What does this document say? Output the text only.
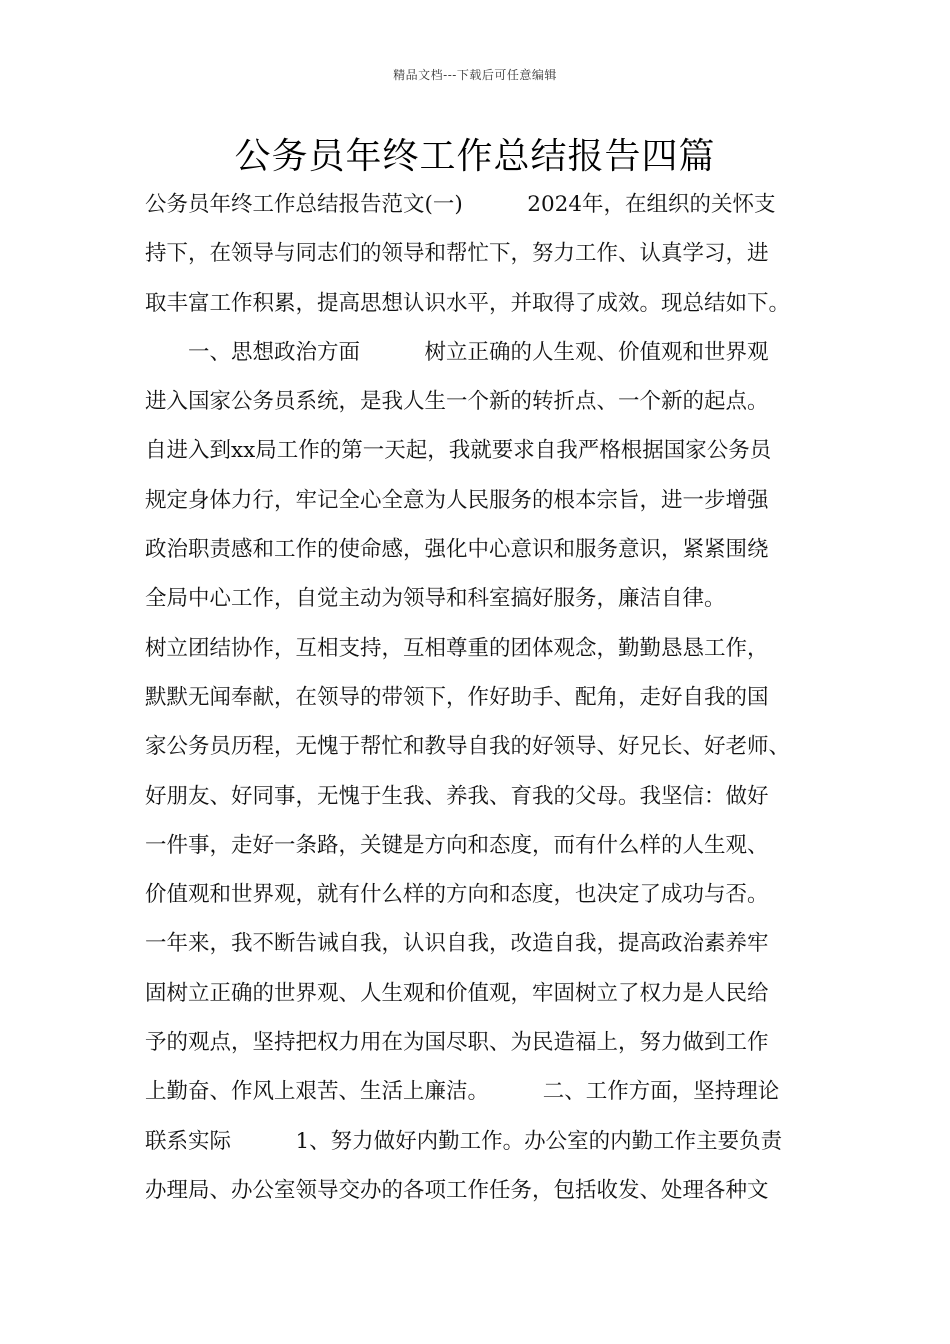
精品文档---下载后可任意编辑
公务员年终工作总结报告四篇
公务员年终工作总结报告范文(一)　　　2024年，在组织的关怀支
持下，在领导与同志们的领导和帮忙下，努力工作、认真学习，进
取丰富工作积累，提高思想认识水平，并取得了成效。现总结如下。
　　一、思想政治方面　　　树立正确的人生观、价值观和世界观
进入国家公务员系统，是我人生一个新的转折点、一个新的起点。
自进入到xx局工作的第一天起，我就要求自我严格根据国家公务员
规定身体力行，牢记全心全意为人民服务的根本宗旨，进一步增强
政治职责感和工作的使命感，强化中心意识和服务意识，紧紧围绕
全局中心工作，自觉主动为领导和科室搞好服务，廉洁自律。
树立团结协作，互相支持，互相尊重的团体观念，勤勤恳恳工作，
默默无闻奉献，在领导的带领下，作好助手、配角，走好自我的国
家公务员历程，无愧于帮忙和教导自我的好领导、好兄长、好老师、
好朋友、好同事，无愧于生我、养我、育我的父母。我坚信：做好
一件事，走好一条路，关键是方向和态度，而有什么样的人生观、
价值观和世界观，就有什么样的方向和态度，也决定了成功与否。
一年来，我不断告诫自我，认识自我，改造自我，提高政治素养牢
固树立正确的世界观、人生观和价值观，牢固树立了权力是人民给
予的观点，坚持把权力用在为国尽职、为民造福上，努力做到工作
上勤奋、作风上艰苦、生活上廉洁。　　　二、工作方面，坚持理论
联系实际　　　1、努力做好内勤工作。办公室的内勤工作主要负责
办理局、办公室领导交办的各项工作任务，包括收发、处理各种文
